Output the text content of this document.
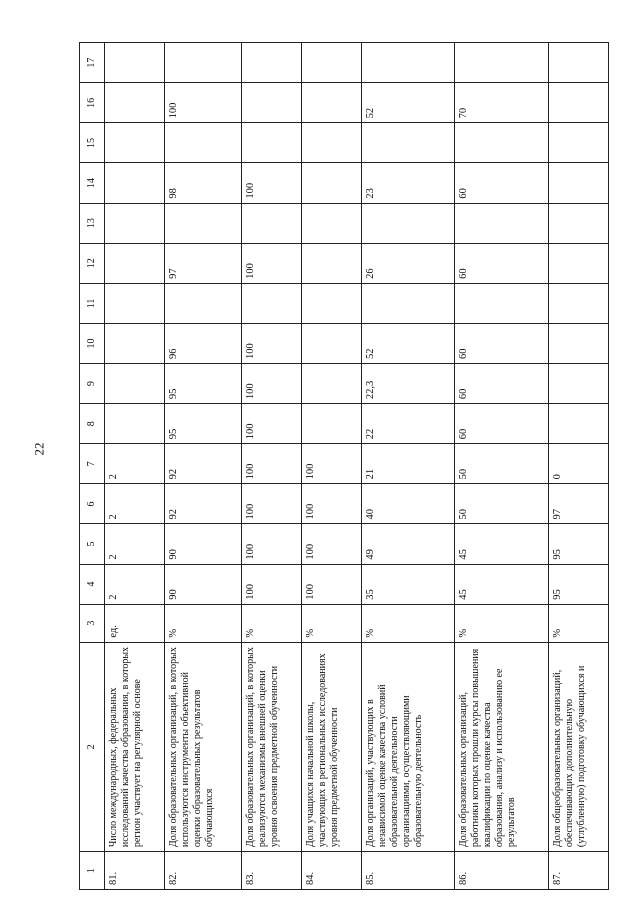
22
1	2	3	4	5	6	7	8	9	10	11	12	13	14	15	16	17
81.	Число международных, федеральных исследований качества образования, в которых регион участвует на регулярной основе	ед.	2	2	2	2										
82.	Доля образовательных организаций, в которых используются инструменты объективной оценки образовательных результатов обучающихся	%	90	90	92	92	95	95	96		97		98		100	
83.	Доля образовательных организаций, в которых реализуются механизмы внешней оценки уровня освоения предметной обученности	%	100	100	100	100	100	100	100		100		100			
84.	Доля учащихся начальной школы, участвующих в региональных исследованиях уровня предметной обученности	%	100	100	100	100										
85.	Доля организаций, участвующих в независимой оценке качества условий образовательной деятельности организациями, осуществляющими образовательную деятельность	%	35	49	40	21	22	22,3	52		26		23		52	
86.	Доля образовательных организаций, работники которых прошли курсы повышения квалификации по оценке качества образования, анализу и использованию ее результатов	%	45	45	50	50	60	60	60		60		60		70	
87.	Доля общеобразовательных организаций, обеспечивающих дополнительную (углубленную) подготовку обучающихся и	%	95	95	97	0										
